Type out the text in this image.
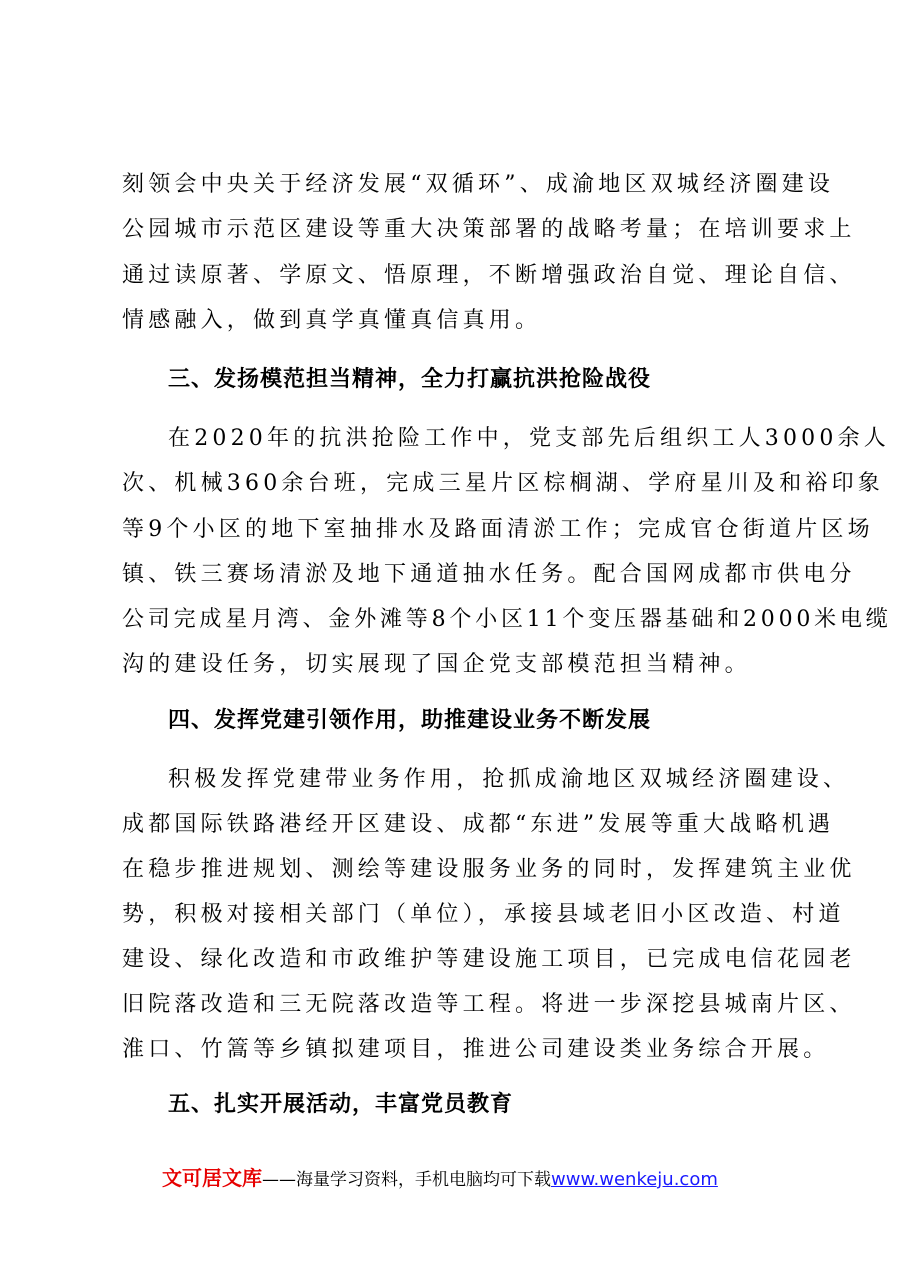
刻领会中央关于经济发展“双循环”、成渝地区双城经济圈建设
公园城市示范区建设等重大决策部署的战略考量；在培训要求上
通过读原著、学原文、悟原理，不断增强政治自觉、理论自信、
情感融入，做到真学真懂真信真用。
三、发扬模范担当精神，全力打赢抗洪抢险战役
在2020年的抗洪抢险工作中，党支部先后组织工人3000余人
次、机械360余台班，完成三星片区棕榈湖、学府星川及和裕印象
等9个小区的地下室抽排水及路面清淤工作；完成官仓街道片区场
镇、铁三赛场清淤及地下通道抽水任务。配合国网成都市供电分
公司完成星月湾、金外滩等8个小区11个变压器基础和2000米电缆
沟的建设任务，切实展现了国企党支部模范担当精神。
四、发挥党建引领作用，助推建设业务不断发展
积极发挥党建带业务作用，抢抓成渝地区双城经济圈建设、
成都国际铁路港经开区建设、成都“东进”发展等重大战略机遇
在稳步推进规划、测绘等建设服务业务的同时，发挥建筑主业优
势，积极对接相关部门（单位），承接县域老旧小区改造、村道
建设、绿化改造和市政维护等建设施工项目，已完成电信花园老
旧院落改造和三无院落改造等工程。将进一步深挖县城南片区、
淮口、竹篙等乡镇拟建项目，推进公司建设类业务综合开展。
五、扎实开展活动，丰富党员教育
文可居文库——海量学习资料，手机电脑均可下载www.wenkeju.com
